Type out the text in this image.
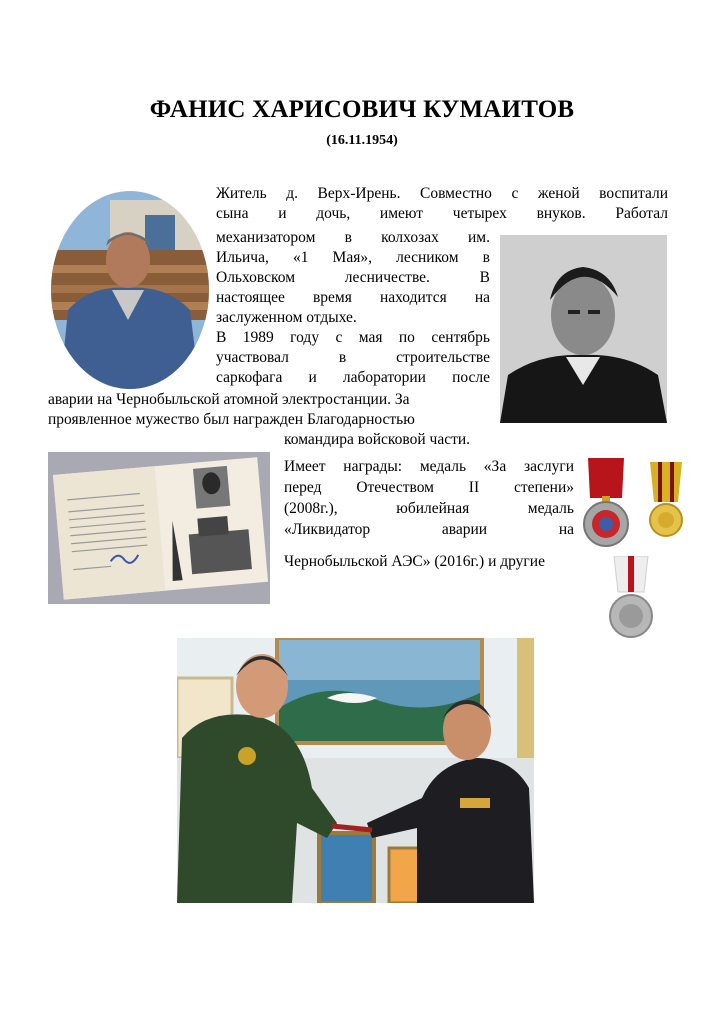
ФАНИС ХАРИСОВИЧ КУМАИТОВ
(16.11.1954)
Житель д. Верх-Ирень. Совместно с женой воспитали
сына и дочь, имеют четырех внуков. Работал
механизатором в колхозах им.
Ильича, «1 Мая», лесником в
Ольховском лесничестве. В
настоящее время находится на
заслуженном отдыхе.
В 1989 году с мая по сентябрь
участвовал в строительстве
саркофага и лаборатории после
аварии на Чернобыльской атомной электростанции. За
проявленное мужество был награжден Благодарностью
командира войсковой части.
Имеет награды: медаль «За заслуги
перед Отечеством II степени»
(2008г.), юбилейная медаль
«Ликвидатор аварии на
Чернобыльской АЭС» (2016г.) и другие
